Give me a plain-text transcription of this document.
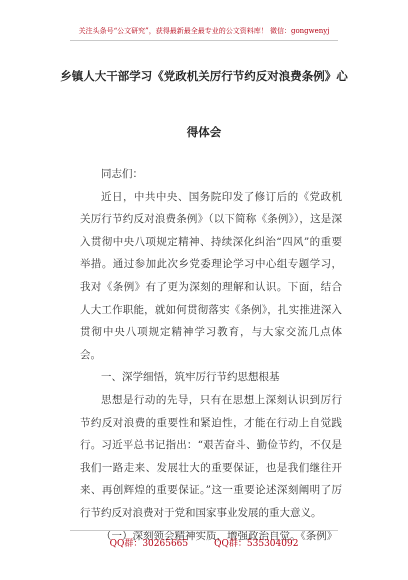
关注头条号“公文研究”，获得最新最全最专业的公文资料库！ 微信：gongwenyj
乡镇人大干部学习《党政机关厉行节约反对浪费条例》心
得体会

同志们：

近日，中共中央、国务院印发了修订后的《党政机关厉行节约反对浪费条例》（以下简称《条例》），这是深入贯彻中央八项规定精神、持续深化纠治“四风”的重要举措。通过参加此次乡党委理论学习中心组专题学习，我对《条例》有了更为深刻的理解和认识。下面，结合人大工作职能，就如何贯彻落实《条例》，扎实推进深入贯彻中央八项规定精神学习教育，与大家交流几点体会。

一、深学细悟，筑牢厉行节约思想根基

思想是行动的先导，只有在思想上深刻认识到厉行节约反对浪费的重要性和紧迫性，才能在行动上自觉践行。习近平总书记指出：“艰苦奋斗、勤俭节约，不仅是我们一路走来、发展壮大的重要保证，也是我们继往开来、再创辉煌的重要保证。”这一重要论述深刻阐明了厉行节约反对浪费对于党和国家事业发展的重大意义。

（一）深刻领会精神实质，增强政治自觉。《条例》

QQ群：30265665	QQ群：535304092
